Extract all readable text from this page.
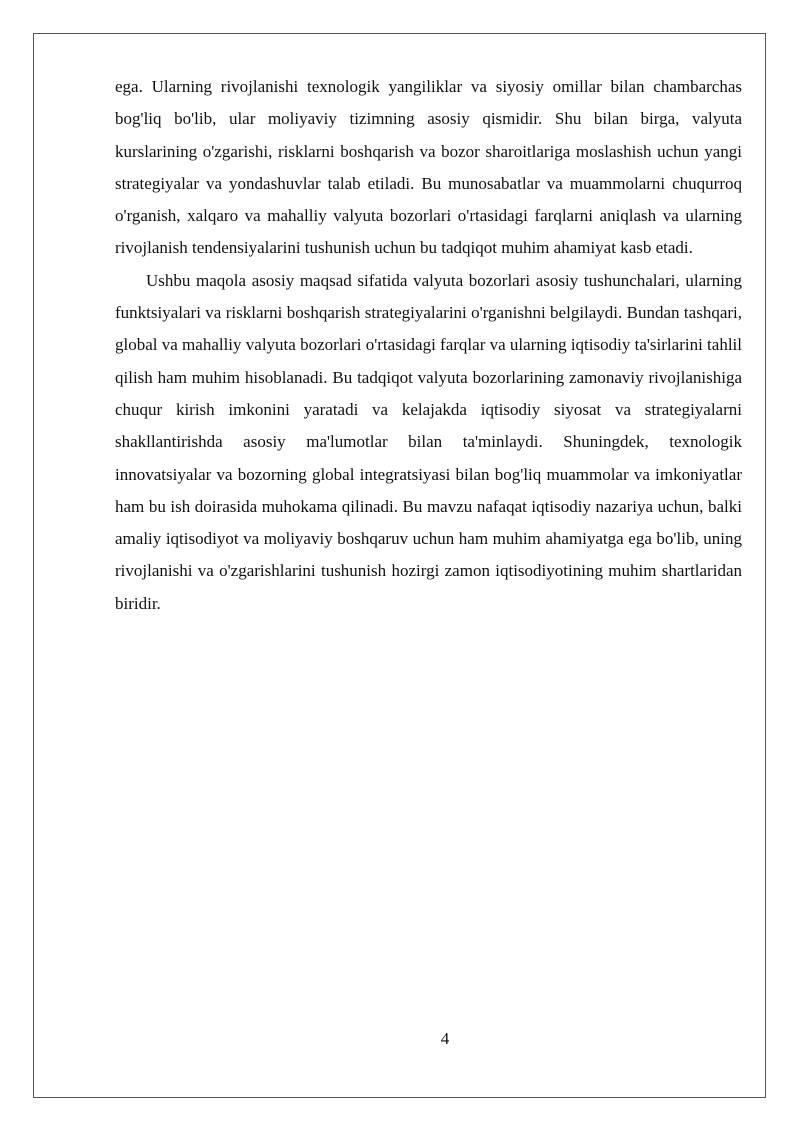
ega. Ularning rivojlanishi texnologik yangiliklar va siyosiy omillar bilan chambarchas bog'liq bo'lib, ular moliyaviy tizimning asosiy qismidir. Shu bilan birga, valyuta kurslarining o'zgarishi, risklarni boshqarish va bozor sharoitlariga moslashish uchun yangi strategiyalar va yondashuvlar talab etiladi. Bu munosabatlar va muammolarni chuqurroq o'rganish, xalqaro va mahalliy valyuta bozorlari o'rtasidagi farqlarni aniqlash va ularning rivojlanish tendensiyalarini tushunish uchun bu tadqiqot muhim ahamiyat kasb etadi.

Ushbu maqola asosiy maqsad sifatida valyuta bozorlari asosiy tushunchalari, ularning funktsiyalari va risklarni boshqarish strategiyalarini o'rganishni belgilaydi. Bundan tashqari, global va mahalliy valyuta bozorlari o'rtasidagi farqlar va ularning iqtisodiy ta'sirlarini tahlil qilish ham muhim hisoblanadi. Bu tadqiqot valyuta bozorlarining zamonaviy rivojlanishiga chuqur kirish imkonini yaratadi va kelajakda iqtisodiy siyosat va strategiyalarni shakllantirishda asosiy ma'lumotlar bilan ta'minlaydi. Shuningdek, texnologik innovatsiyalar va bozorning global integratsiyasi bilan bog'liq muammolar va imkoniyatlar ham bu ish doirasida muhokama qilinadi. Bu mavzu nafaqat iqtisodiy nazariya uchun, balki amaliy iqtisodiyot va moliyaviy boshqaruv uchun ham muhim ahamiyatga ega bo'lib, uning rivojlanishi va o'zgarishlarini tushunish hozirgi zamon iqtisodiyotining muhim shartlaridan biridir.

4
